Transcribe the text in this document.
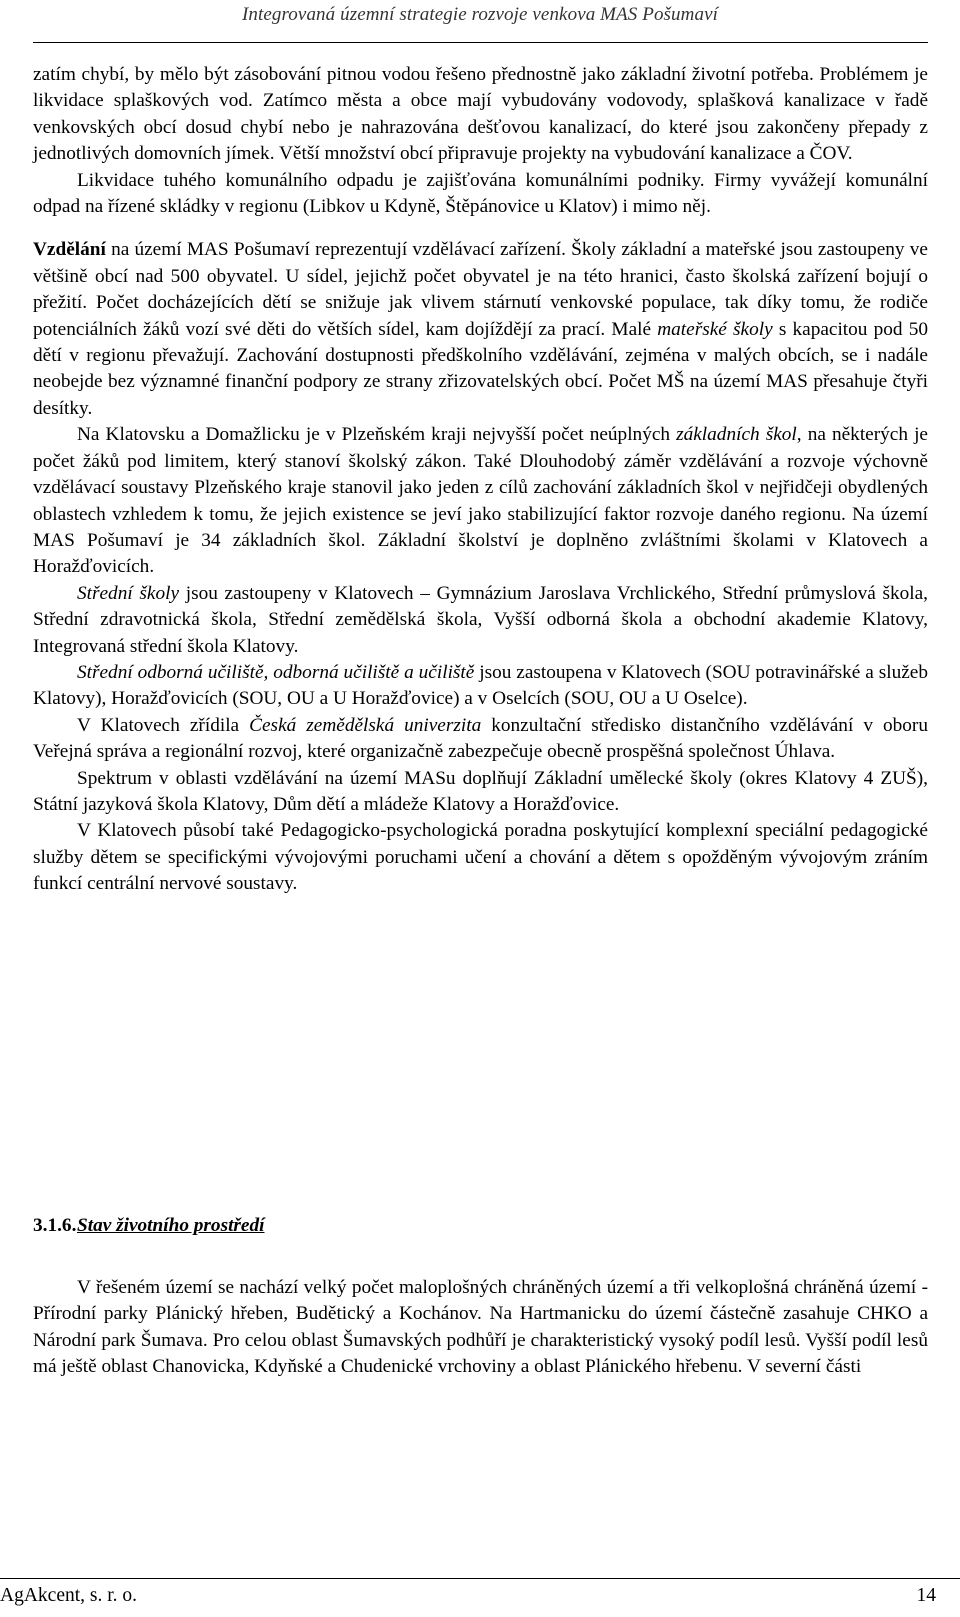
Integrovaná územní strategie rozvoje venkova MAS Pošumaví

zatím chybí, by mělo být zásobování pitnou vodou řešeno přednostně jako základní životní potřeba. Problémem je likvidace splaškových vod. Zatímco města a obce mají vybudovány vodovody, splašková kanalizace v řadě venkovských obcí dosud chybí nebo je nahrazována dešťovou kanalizací, do které jsou zakončeny přepady z jednotlivých domovních jímek. Větší množství obcí připravuje projekty na vybudování kanalizace a ČOV.

Likvidace tuhého komunálního odpadu je zajišťována komunálními podniky. Firmy vyvážejí komunální odpad na řízené skládky v regionu (Libkov u Kdyně, Štěpánovice u Klatov) i mimo něj.

Vzdělání na území MAS Pošumaví reprezentují vzdělávací zařízení. Školy základní a mateřské jsou zastoupeny ve většině obcí nad 500 obyvatel. U sídel, jejichž počet obyvatel je na této hranici, často školská zařízení bojují o přežití. Počet docházejících dětí se snižuje jak vlivem stárnutí venkovské populace, tak díky tomu, že rodiče potenciálních žáků vozí své děti do větších sídel, kam dojíždějí za prací. Malé mateřské školy s kapacitou pod 50 dětí v regionu převažují. Zachování dostupnosti předškolního vzdělávání, zejména v malých obcích, se i nadále neobejde bez významné finanční podpory ze strany zřizovatelských obcí. Počet MŠ na území MAS přesahuje čtyři desítky.

Na Klatovsku a Domažlicku je v Plzeňském kraji nejvyšší počet neúplných základních škol, na některých je počet žáků pod limitem, který stanoví školský zákon. Také Dlouhodobý záměr vzdělávání a rozvoje výchovně vzdělávací soustavy Plzeňského kraje stanovil jako jeden z cílů zachování základních škol v nejřidčeji obydlených oblastech vzhledem k tomu, že jejich existence se jeví jako stabilizující faktor rozvoje daného regionu. Na území MAS Pošumaví je 34 základních škol. Základní školství je doplněno zvláštními školami v Klatovech a Horažďovicích.

Střední školy jsou zastoupeny v Klatovech – Gymnázium Jaroslava Vrchlického, Střední průmyslová škola, Střední zdravotnická škola, Střední zemědělská škola, Vyšší odborná škola a obchodní akademie Klatovy, Integrovaná střední škola Klatovy.

Střední odborná učiliště, odborná učiliště a učiliště jsou zastoupena v Klatovech (SOU potravinářské a služeb Klatovy), Horažďovicích (SOU, OU a U Horažďovice) a v Oselcích (SOU, OU a U Oselce).

V Klatovech zřídila Česká zemědělská univerzita konzultační středisko distančního vzdělávání v oboru Veřejná správa a regionální rozvoj, které organizačně zabezpečuje obecně prospěšná společnost Úhlava.

Spektrum v oblasti vzdělávání na území MASu doplňují Základní umělecké školy (okres Klatovy 4 ZUŠ), Státní jazyková škola Klatovy, Dům dětí a mládeže Klatovy a Horažďovice.

V Klatovech působí také Pedagogicko-psychologická poradna poskytující komplexní speciální pedagogické služby dětem se specifickými vývojovými poruchami učení a chování a dětem s opožděným vývojovým zráním funkcí centrální nervové soustavy.

3.1.6.Stav životního prostředí

V řešeném území se nachází velký počet maloplošných chráněných území a tři velkoplošná chráněná území - Přírodní parky Plánický hřeben, Budětický a Kochánov. Na Hartmanicku do území částečně zasahuje CHKO a Národní park Šumava. Pro celou oblast Šumavských podhůří je charakteristický vysoký podíl lesů. Vyšší podíl lesů má ještě oblast Chanovicka, Kdyňské a Chudenické vrchoviny a oblast Plánického hřebenu. V severní části

AgAkcent, s. r. o.	14
